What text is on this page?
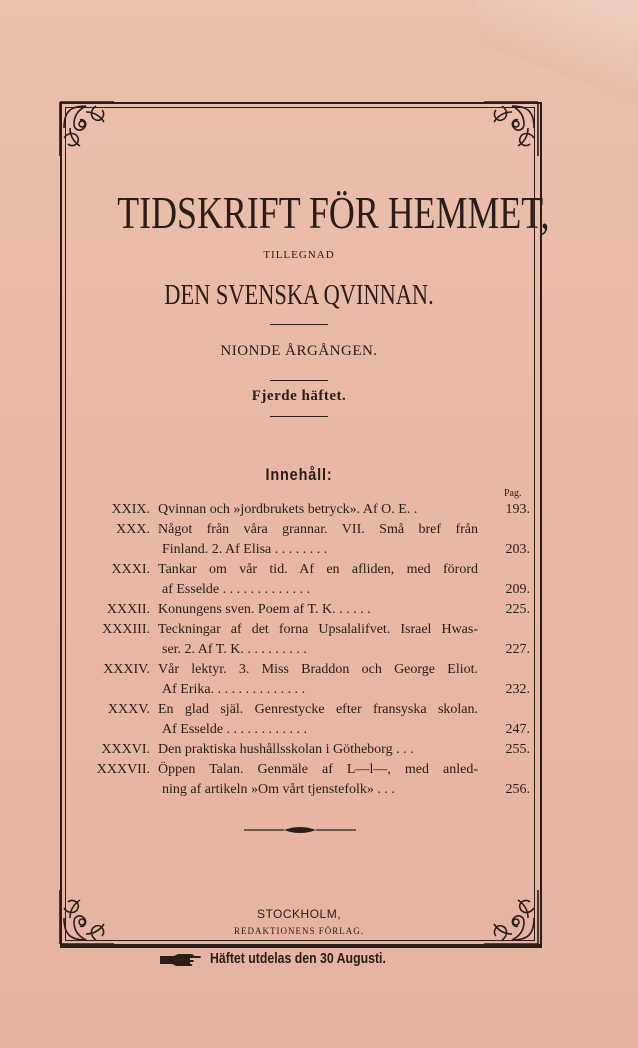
TIDSKRIFT FÖR HEMMET,
TILLEGNAD
DEN SVENSKA QVINNAN.
NIONDE ÅRGÅNGEN.
Fjerde häftet.
Innehåll:
Pag.
XXIX. Qvinnan och »jordbrukets betryck». Af O. E. .	193.
XXX. Något från våra grannar. VII. Små bref från
Finland. 2. Af Elisa . . . . . . . .	203.
XXXI. Tankar om vår tid. Af en afliden, med förord
af Esselde . . . . . . . . . . . . .	209.
XXXII. Konungens sven. Poem af T. K. . . . . .	225.
XXXIII. Teckningar af det forna Upsalalifvet. Israel Hwas-
ser. 2. Af T. K. . . . . . . . . .	227.
XXXIV. Vår lektyr. 3. Miss Braddon och George Eliot.
Af Erika. . . . . . . . . . . . . .	232.
XXXV. En glad själ. Genrestycke efter fransyska skolan.
Af Esselde . . . . . . . . . . . .	247.
XXXVI. Den praktiska hushållsskolan i Götheborg . . .	255.
XXXVII. Öppen Talan. Genmäle af L—l—, med anled-
ning af artikeln »Om vårt tjenstefolk» . . .	256.
STOCKHOLM,
REDAKTIONENS FÖRLAG.
Häftet utdelas den 30 Augusti.
